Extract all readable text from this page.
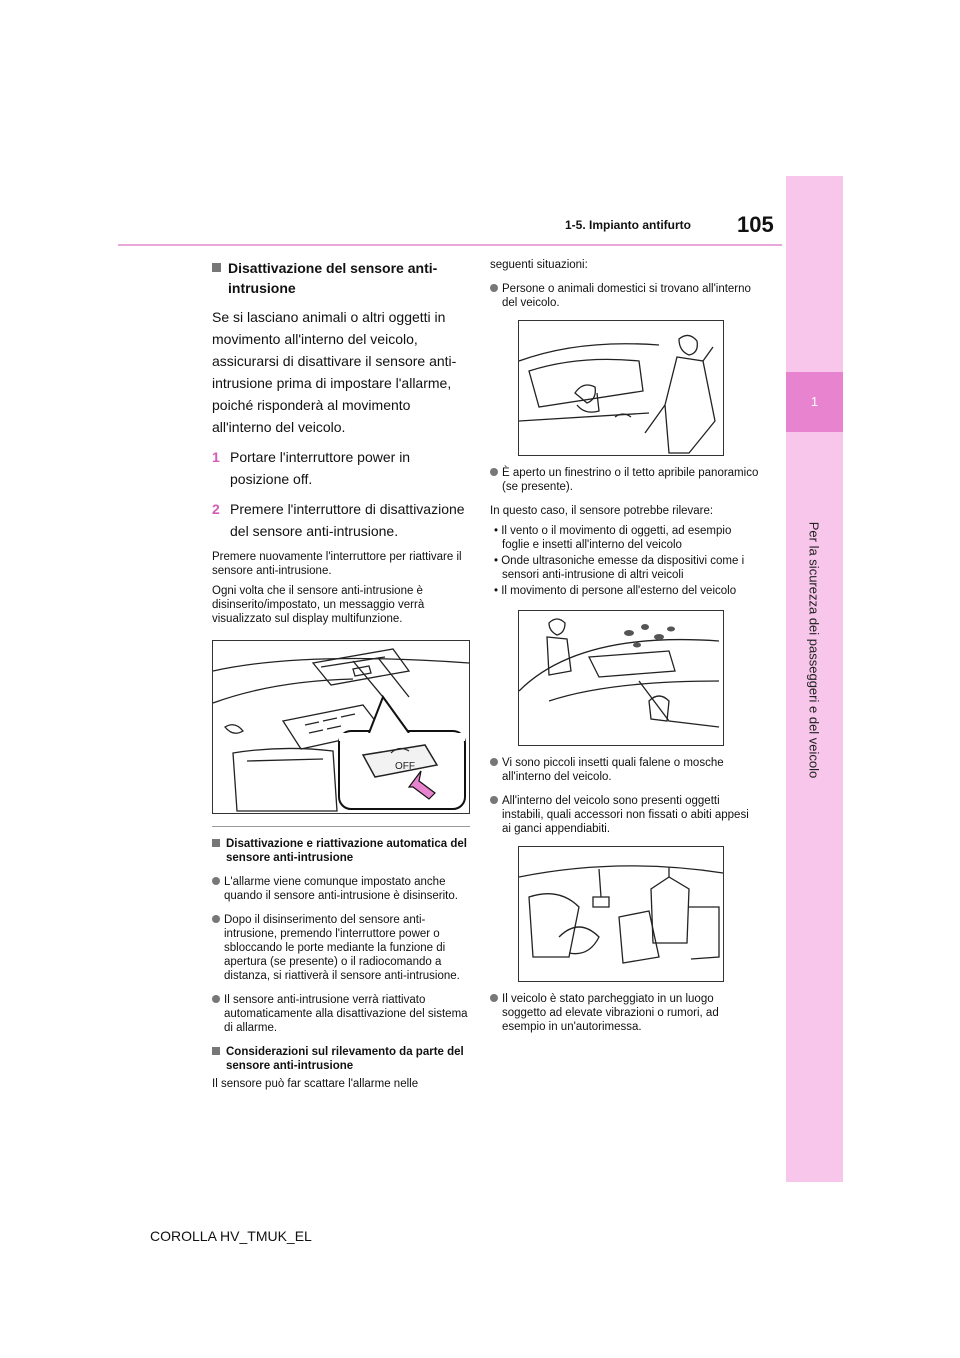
1-5. Impianto antifurto 105
1
Per la sicurezza dei passeggeri e del veicolo
Disattivazione del sensore anti-intrusione

Se si lasciano animali o altri oggetti in movimento all'interno del veicolo, assicurarsi di disattivare il sensore anti-intrusione prima di impostare l'allarme, poiché risponderà al movimento all'interno del veicolo.

1 Portare l'interruttore power in posizione off.
2 Premere l'interruttore di disattivazione del sensore anti-intrusione.

Premere nuovamente l'interruttore per riattivare il sensore anti-intrusione.

Ogni volta che il sensore anti-intrusione è disinserito/impostato, un messaggio verrà visualizzato sul display multifunzione.

OFF
Disattivazione e riattivazione automatica del sensore anti-intrusione
L'allarme viene comunque impostato anche quando il sensore anti-intrusione è disinserito.
Dopo il disinserimento del sensore anti-intrusione, premendo l'interruttore power o sbloccando le porte mediante la funzione di apertura (se presente) o il radiocomando a distanza, si riattiverà il sensore anti-intrusione.
Il sensore anti-intrusione verrà riattivato automaticamente alla disattivazione del sistema di allarme.
Considerazioni sul rilevamento da parte del sensore anti-intrusione

Il sensore può far scattare l'allarme nelle

seguenti situazioni:

Persone o animali domestici si trovano all'interno del veicolo.
È aperto un finestrino o il tetto apribile panoramico (se presente).

In questo caso, il sensore potrebbe rilevare:

• Il vento o il movimento di oggetti, ad esempio foglie e insetti all'interno del veicolo
• Onde ultrasoniche emesse da dispositivi come i sensori anti-intrusione di altri veicoli
• Il movimento di persone all'esterno del veicolo
Vi sono piccoli insetti quali falene o mosche all'interno del veicolo.
All'interno del veicolo sono presenti oggetti instabili, quali accessori non fissati o abiti appesi ai ganci appendiabiti.
Il veicolo è stato parcheggiato in un luogo soggetto ad elevate vibrazioni o rumori, ad esempio in un'autorimessa.
COROLLA HV_TMUK_EL
